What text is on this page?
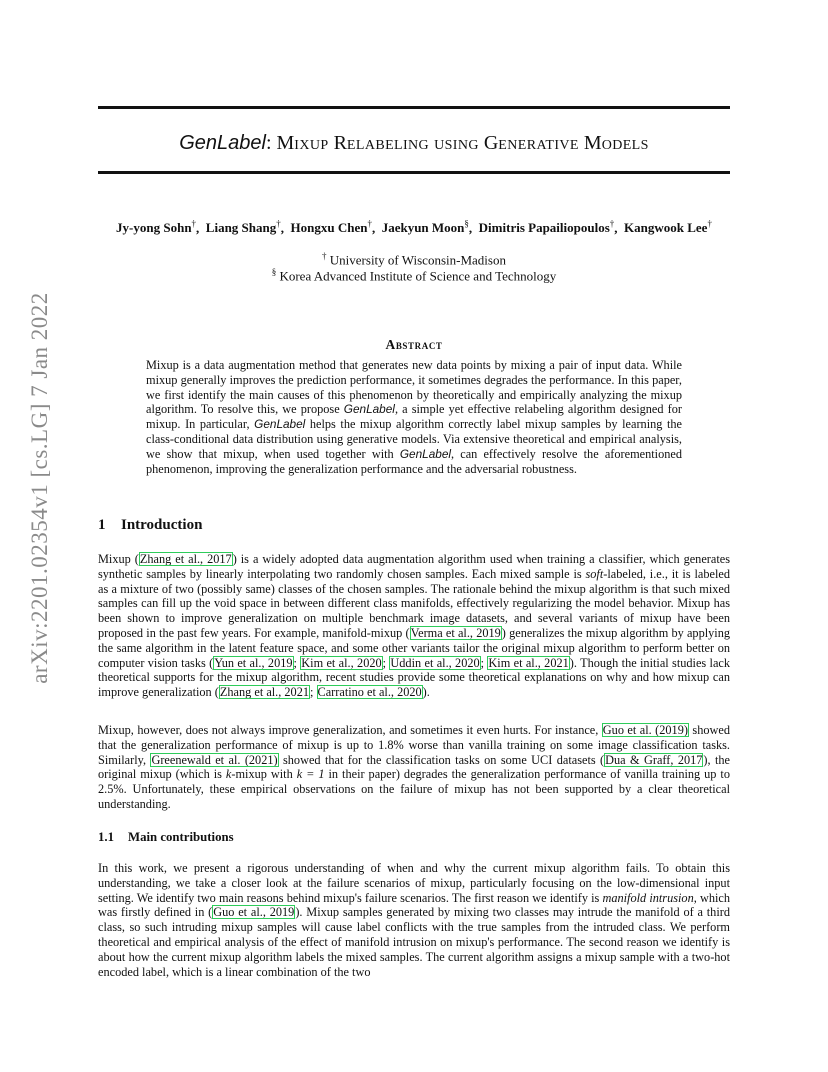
arXiv:2201.02354v1 [cs.LG] 7 Jan 2022
GenLabel: Mixup Relabeling using Generative Models
Jy-yong Sohn†,  Liang Shang†,  Hongxu Chen†,  Jaekyun Moon§,  Dimitris Papailiopoulos†,  Kangwook Lee†
† University of Wisconsin-Madison
§ Korea Advanced Institute of Science and Technology
Abstract
Mixup is a data augmentation method that generates new data points by mixing a pair of input data. While mixup generally improves the prediction performance, it sometimes degrades the performance. In this paper, we first identify the main causes of this phenomenon by theoretically and empirically analyzing the mixup algorithm. To resolve this, we propose GenLabel, a simple yet effective relabeling algorithm designed for mixup. In particular, GenLabel helps the mixup algorithm correctly label mixup samples by learning the class-conditional data distribution using generative models. Via extensive theoretical and empirical analysis, we show that mixup, when used together with GenLabel, can effectively resolve the aforementioned phenomenon, improving the generalization performance and the adversarial robustness.
1 Introduction
Mixup (Zhang et al., 2017) is a widely adopted data augmentation algorithm used when training a classifier, which generates synthetic samples by linearly interpolating two randomly chosen samples. Each mixed sample is soft-labeled, i.e., it is labeled as a mixture of two (possibly same) classes of the chosen samples. The rationale behind the mixup algorithm is that such mixed samples can fill up the void space in between different class manifolds, effectively regularizing the model behavior. Mixup has been shown to improve generalization on multiple benchmark image datasets, and several variants of mixup have been proposed in the past few years. For example, manifold-mixup (Verma et al., 2019) generalizes the mixup algorithm by applying the same algorithm in the latent feature space, and some other variants tailor the original mixup algorithm to perform better on computer vision tasks (Yun et al., 2019; Kim et al., 2020; Uddin et al., 2020; Kim et al., 2021). Though the initial studies lack theoretical supports for the mixup algorithm, recent studies provide some theoretical explanations on why and how mixup can improve generalization (Zhang et al., 2021; Carratino et al., 2020).
Mixup, however, does not always improve generalization, and sometimes it even hurts. For instance, Guo et al. (2019) showed that the generalization performance of mixup is up to 1.8% worse than vanilla training on some image classification tasks. Similarly, Greenewald et al. (2021) showed that for the classification tasks on some UCI datasets (Dua & Graff, 2017), the original mixup (which is k-mixup with k = 1 in their paper) degrades the generalization performance of vanilla training up to 2.5%. Unfortunately, these empirical observations on the failure of mixup has not been supported by a clear theoretical understanding.
1.1 Main contributions
In this work, we present a rigorous understanding of when and why the current mixup algorithm fails. To obtain this understanding, we take a closer look at the failure scenarios of mixup, particularly focusing on the low-dimensional input setting. We identify two main reasons behind mixup's failure scenarios. The first reason we identify is manifold intrusion, which was firstly defined in (Guo et al., 2019). Mixup samples generated by mixing two classes may intrude the manifold of a third class, so such intruding mixup samples will cause label conflicts with the true samples from the intruded class. We perform theoretical and empirical analysis of the effect of manifold intrusion on mixup's performance. The second reason we identify is about how the current mixup algorithm labels the mixed samples. The current algorithm assigns a mixup sample with a two-hot encoded label, which is a linear combination of the two
